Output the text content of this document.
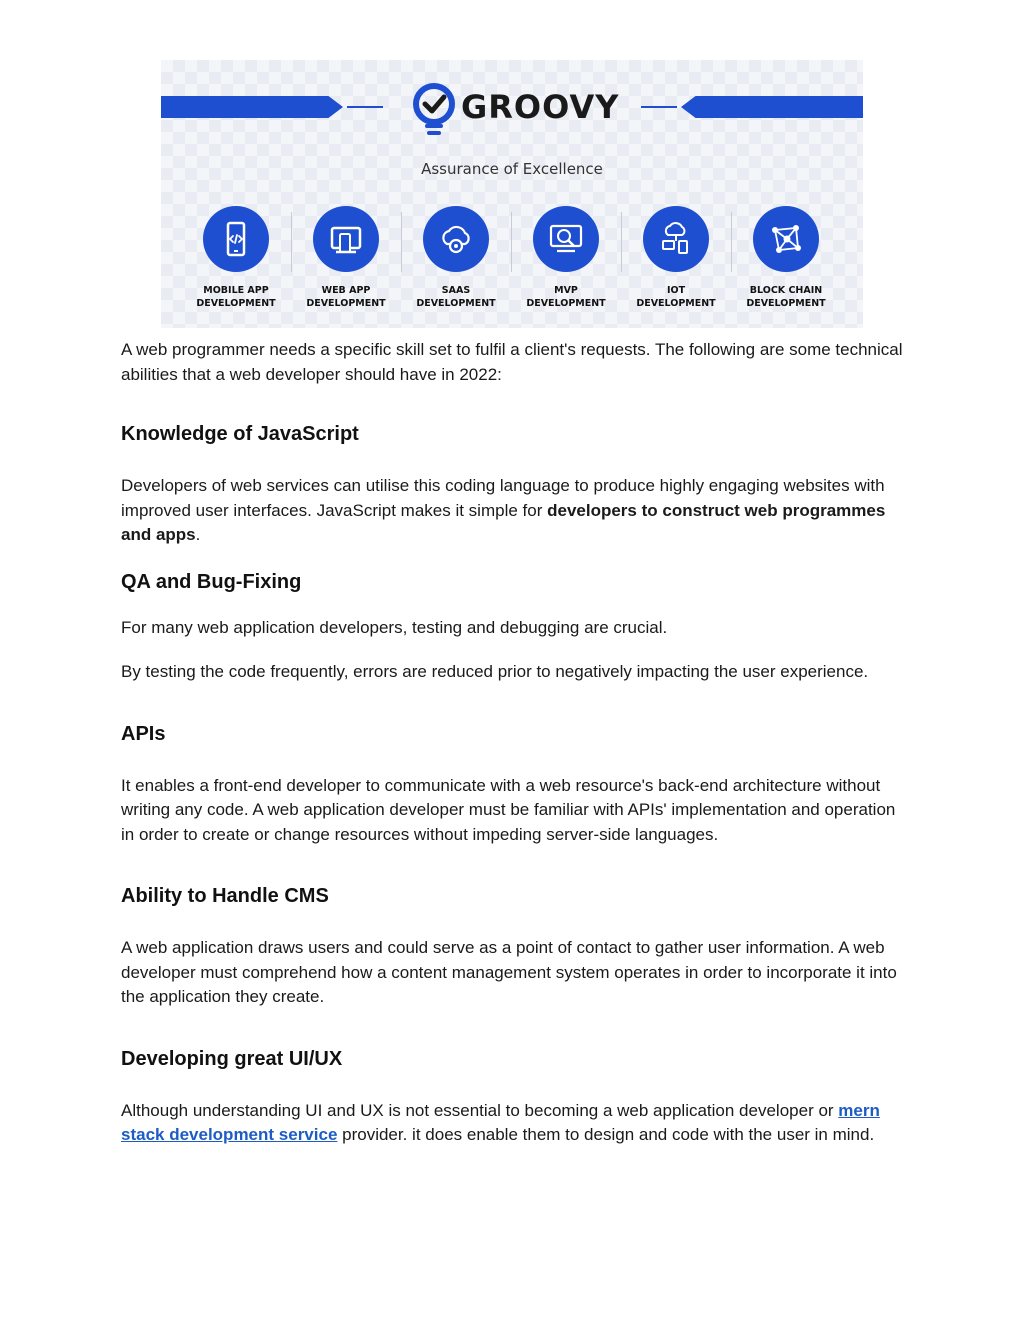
GROOVY
Assurance of Excellence
MOBILE APP
DEVELOPMENT
WEB APP
DEVELOPMENT
SAAS
DEVELOPMENT
MVP
DEVELOPMENT
IOT
DEVELOPMENT
BLOCK CHAIN
DEVELOPMENT

A web programmer needs a specific skill set to fulfil a client's requests. The following are some technical abilities that a web developer should have in 2022:

Knowledge of JavaScript

Developers of web services can utilise this coding language to produce highly engaging websites with improved user interfaces. JavaScript makes it simple for developers to construct web programmes and apps.

QA and Bug-Fixing

For many web application developers, testing and debugging are crucial.

By testing the code frequently, errors are reduced prior to negatively impacting the user experience.

APIs

It enables a front-end developer to communicate with a web resource's back-end architecture without writing any code. A web application developer must be familiar with APIs' implementation and operation in order to create or change resources without impeding server-side languages.

Ability to Handle CMS

A web application draws users and could serve as a point of contact to gather user information. A web developer must comprehend how a content management system operates in order to incorporate it into the application they create.

Developing great UI/UX

Although understanding UI and UX is not essential to becoming a web application developer or mern stack development service provider. it does enable them to design and code with the user in mind.
